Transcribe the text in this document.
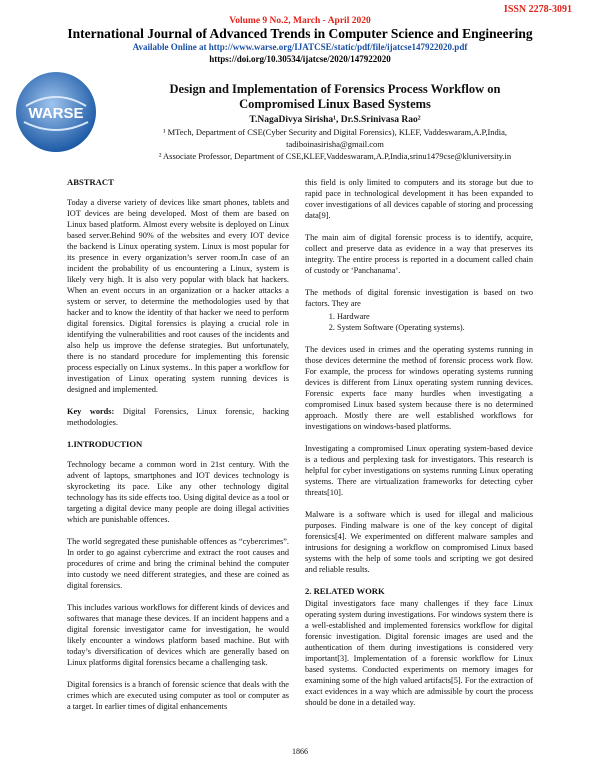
ISSN 2278-3091
Volume 9 No.2, March - April 2020
International Journal of Advanced Trends in Computer Science and Engineering
Available Online at http://www.warse.org/IJATCSE/static/pdf/file/ijatcse147922020.pdf
https://doi.org/10.30534/ijatcse/2020/147922020
WARSE
Design and Implementation of Forensics Process Workflow on
Compromised Linux Based Systems
T.NagaDivya Sirisha¹, Dr.S.Srinivasa Rao²
¹ MTech, Department of CSE(Cyber Security and Digital Forensics), KLEF, Vaddeswaram,A.P,India,
tadiboinasirisha@gmail.com
² Associate Professor, Department of CSE,KLEF,Vaddeswaram,A.P,India,srinu1479cse@kluniversity.in
ABSTRACT

Today a diverse variety of devices like smart phones, tablets and IOT devices are being developed. Most of them are based on Linux based platform. Almost every website is deployed on Linux based server.Behind 90% of the websites and every IOT device the backend is Linux operating system. Linux is most popular for its presence in every organization’s server room.In case of an incident the probability of us encountering a Linux, system is likely very high. It is also very popular with black hat hackers. When an event occurs in an organization or a hacker attacks a system or server, to determine the methodologies used by that hacker and to know the identity of that hacker we need to perform digital forensics. Digital forensics is playing a crucial role in identifying the vulnerabilities and root causes of the incidents and also help us improve the defense strategies. But unfortunately, there is no standard procedure for implementing this forensic process especially on Linux systems.. In this paper a workflow for investigation of Linux operating system running devices is designed and implemented.

Key words: Digital Forensics, Linux forensic, hacking methodologies.

1.INTRODUCTION

Technology became a common word in 21st century. With the advent of laptops, smartphones and IOT devices technology is skyrocketing its pace. Like any other technology digital technology has its side effects too. Using digital device as a tool or targeting a digital device many people are doing illegal activities which are punishable offences.

The world segregated these punishable offences as “cybercrimes”. In order to go against cybercrime and extract the root causes and procedures of crime and bring the criminal behind the computer into custody we need different strategies, and these are coined as digital forensics.

This includes various workflows for different kinds of devices and softwares that manage these devices. If an incident happens and a digital forensic investigator came for investigation, he would likely encounter a windows platform based machine. But with today’s diversification of devices which are generally based on Linux platforms digital forensics became a challenging task.

Digital forensics is a branch of forensic science that deals with the crimes which are executed using computer as tool or computer as a target. In earlier times of digital enhancements

this field is only limited to computers and its storage but due to rapid pace in technological development it has been expanded to cover investigations of all devices capable of storing and processing data[9].

The main aim of digital forensic process is to identify, acquire, collect and preserve data as evidence in a way that preserves its integrity. The entire process is reported in a document called chain of custody or ‘Panchanama’.

The methods of digital forensic investigation is based on two factors. They are

1. Hardware
2. System Software (Operating systems).

The devices used in crimes and the operating systems running in those devices determine the method of forensic process work flow. For example, the process for windows operating systems running devices is different from Linux operating system running devices. Forensic experts face many hurdles when investigating a compromised Linux based system because there is no determined approach. Mostly there are well established workflows for investigations on windows-based platforms.

Investigating a compromised Linux operating system-based device is a tedious and perplexing task for investigators. This research is helpful for cyber investigations on systems running Linux operating systems. There are virtualization frameworks for detecting cyber threats[10].

Malware is a software which is used for illegal and malicious purposes. Finding malware is one of the key concept of digital forensics[4]. We experimented on different malware samples and intrusions for designing a workflow on compromised Linux based systems with the help of some tools and scripting we got desired and reliable results.

2. RELATED WORK

Digital investigators face many challenges if they face Linux operating system during investigations. For windows system there is a well-established and implemented forensics workflow for digital forensic investigation. Digital forensic images are used and the authentication of them during investigations is considered very important[3]. Implementation of a forensic workflow for Linux based systems. Conducted experiments on memory images for examining some of the high valued artifacts[5]. For the extraction of exact evidences in a way which are admissible by court the process should be done in a detailed way.

1866
